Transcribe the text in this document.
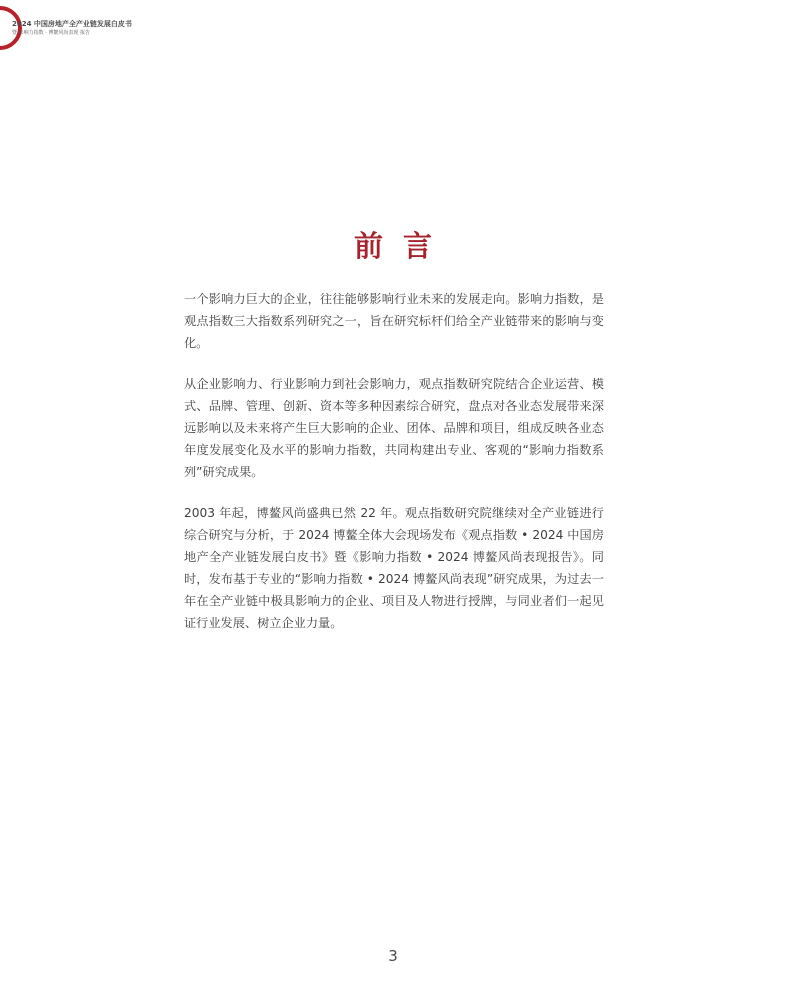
2024 中国房地产全产业链发展白皮书
暨 影响力指数 · 博鳌风尚表现 报告
前言

一个影响力巨大的企业，往往能够影响行业未来的发展走向。影响力指数，是观点指数三大指数系列研究之一，旨在研究标杆们给全产业链带来的影响与变化。

从企业影响力、行业影响力到社会影响力，观点指数研究院结合企业运营、模式、品牌、管理、创新、资本等多种因素综合研究，盘点对各业态发展带来深远影响以及未来将产生巨大影响的企业、团体、品牌和项目，组成反映各业态年度发展变化及水平的影响力指数，共同构建出专业、客观的“影响力指数系列”研究成果。

2003 年起，博鳌风尚盛典已然 22 年。观点指数研究院继续对全产业链进行综合研究与分析，于 2024 博鳌全体大会现场发布《观点指数 • 2024 中国房地产全产业链发展白皮书》暨《影响力指数 • 2024 博鳌风尚表现报告》。同时，发布基于专业的“影响力指数 • 2024 博鳌风尚表现”研究成果，为过去一年在全产业链中极具影响力的企业、项目及人物进行授牌，与同业者们一起见证行业发展、树立企业力量。

3
